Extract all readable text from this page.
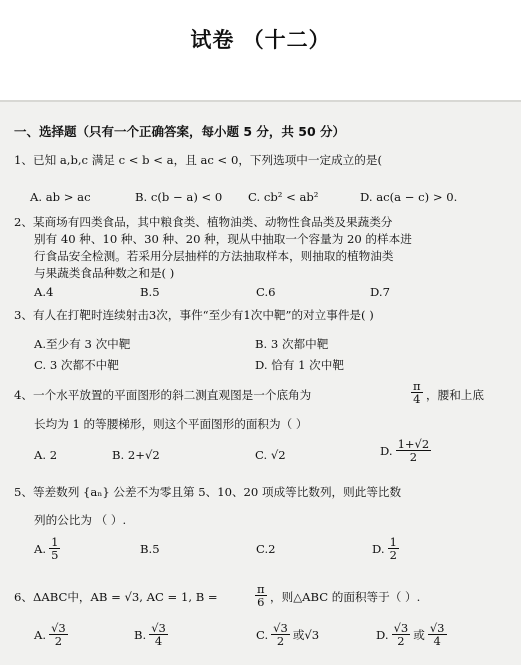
试卷 （十二）
一、选择题（只有一个正确答案，每小题 5 分，共 50 分）
1、已知 a,b,c 满足 c < b < a，且 ac < 0，下列选项中一定成立的是(
A. ab > ac	B. c(b − a) < 0 C. cb² < ab²	D. ac(a − c) > 0.
2、某商场有四类食品，其中粮食类、植物油类、动物性食品类及果蔬类分
别有 40 种、10 种、30 种、20 种，现从中抽取一个容量为 20 的样本进
行食品安全检测。若采用分层抽样的方法抽取样本，则抽取的植物油类
与果蔬类食品种数之和是( )
A.4	B.5	C.6	D.7
3、有人在打靶时连续射击3次，事件“至少有1次中靶”的对立事件是( )
A.至少有 3 次中靶	B. 3 次都中靶
C. 3 次都不中靶	D. 恰有 1 次中靶
4、一个水平放置的平面图形的斜二测直观图是一个底角为	$\frac{\pi}{4}$ ，腰和上底
长均为 1 的等腰梯形，则这个平面图形的面积为（ ）
A. 2	B. 2+√2	C. √2	D. $\frac{1+√2}{2}$
5、等差数列 {aₙ} 公差不为零且第 5、10、20 项成等比数列，则此等比数
列的公比为 （ ）.
A. $\frac{1}{5}$	B.5	C.2	D. $\frac{1}{2}$
6、ΔABC中，AB = √3, AC = 1, B =	$\frac{\pi}{6}$ ，则△ABC 的面积等于（ ）.
A. $\frac{√3}{2}$	B. $\frac{√3}{4}$	C. $\frac{√3}{2}$ 或√3	D. $\frac{√3}{2}$ 或 $\frac{√3}{4}$
